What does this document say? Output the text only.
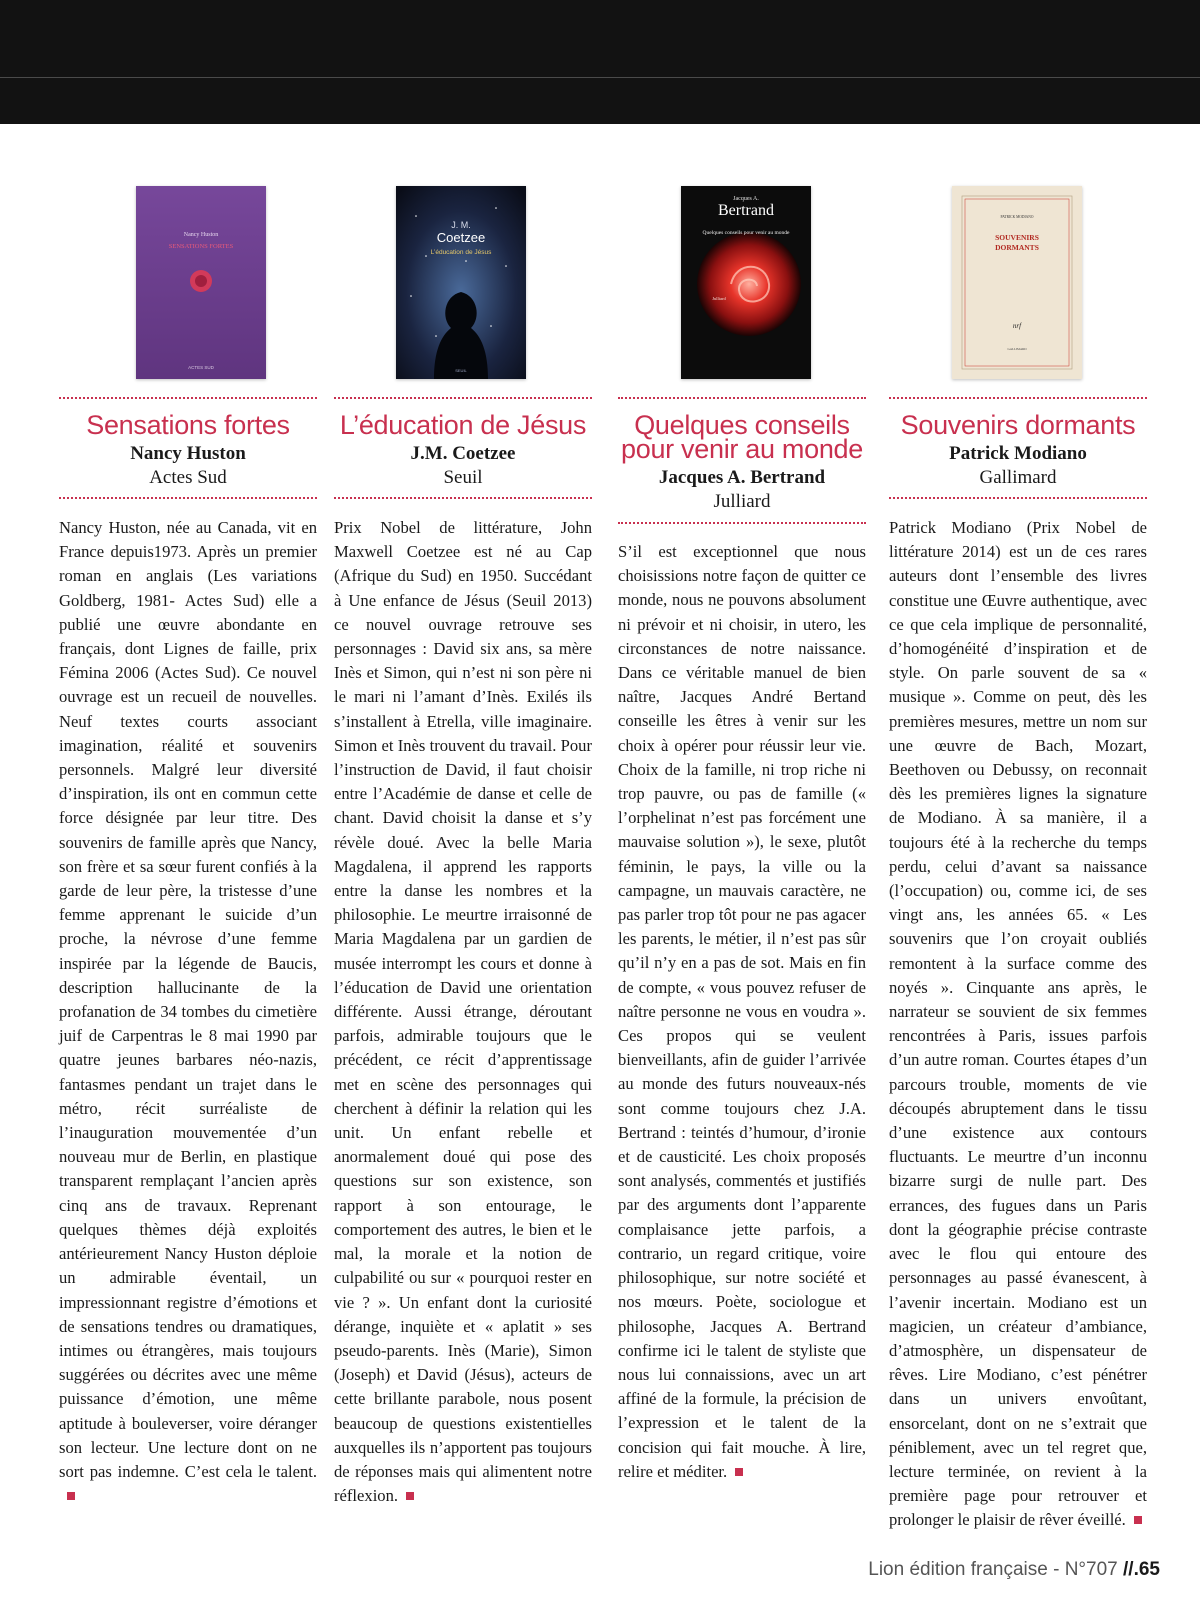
Nancy Huston
SENSATIONS FORTES
ACTES SUD
Sensations fortes
Nancy Huston
Actes Sud

Nancy Huston, née au Canada, vit en France depuis1973. Après un premier roman en anglais (Les variations Goldberg, 1981- Actes Sud) elle a publié une œuvre abondante en français, dont Lignes de faille, prix Fémina 2006 (Actes Sud). Ce nouvel ouvrage est un recueil de nouvelles. Neuf textes courts associant imagination, réalité et souvenirs personnels. Malgré leur diversité d’inspiration, ils ont en commun cette force désignée par leur titre. Des souvenirs de famille après que Nancy, son frère et sa sœur furent confiés à la garde de leur père, la tristesse d’une femme apprenant le suicide d’un proche, la névrose d’une femme inspirée par la légende de Baucis, description hallucinante de la profanation de 34 tombes du cimetière juif de Carpentras le 8 mai 1990 par quatre jeunes barbares néo-nazis, fantasmes pendant un trajet dans le métro, récit surréaliste de l’inauguration mouvementée d’un nouveau mur de Berlin, en plastique transparent remplaçant l’ancien après cinq ans de travaux. Reprenant quelques thèmes déjà exploités antérieurement Nancy Huston déploie un admirable éventail, un impressionnant registre d’émotions et de sensations tendres ou dramatiques, intimes ou étrangères, mais toujours suggérées ou décrites avec une même puissance d’émotion, une même aptitude à bouleverser, voire déranger son lecteur. Une lecture dont on ne sort pas indemne. C’est cela le talent.

J. M.
Coetzee
L’éducation de Jésus
SEUIL
L’éducation de Jésus
J.M. Coetzee
Seuil

Prix Nobel de littérature, John Maxwell Coetzee est né au Cap (Afrique du Sud) en 1950. Succédant à Une enfance de Jésus (Seuil 2013) ce nouvel ouvrage retrouve ses personnages : David six ans, sa mère Inès et Simon, qui n’est ni son père ni le mari ni l’amant d’Inès. Exilés ils s’installent à Etrella, ville imaginaire. Simon et Inès trouvent du travail. Pour l’instruction de David, il faut choisir entre l’Académie de danse et celle de chant. David choisit la danse et s’y révèle doué. Avec la belle Maria Magdalena, il apprend les rapports entre la danse les nombres et la philosophie. Le meurtre irraisonné de Maria Magdalena par un gardien de musée interrompt les cours et donne à l’éducation de David une orientation différente. Aussi étrange, déroutant parfois, admirable toujours que le précédent, ce récit d’apprentissage met en scène des personnages qui cherchent à définir la relation qui les unit. Un enfant rebelle et anormalement doué qui pose des questions sur son existence, son rapport à son entourage, le comportement des autres, le bien et le mal, la morale et la notion de culpabilité ou sur « pourquoi rester en vie ? ». Un enfant dont la curiosité dérange, inquiète et « aplatit » ses pseudo-parents. Inès (Marie), Simon (Joseph) et David (Jésus), acteurs de cette brillante parabole, nous posent beaucoup de questions existentielles auxquelles ils n’apportent pas toujours de réponses mais qui alimentent notre réflexion.

Jacques A.
Bertrand
Quelques conseils pour venir au monde
Julliard
Quelques conseils
pour venir au monde
Jacques A. Bertrand
Julliard

S’il est exceptionnel que nous choisissions notre façon de quitter ce monde, nous ne pouvons absolument ni prévoir et ni choisir, in utero, les circonstances de notre naissance. Dans ce véritable manuel de bien naître, Jacques André Bertand conseille les êtres à venir sur les choix à opérer pour réussir leur vie. Choix de la famille, ni trop riche ni trop pauvre, ou pas de famille (« l’orphelinat n’est pas forcément une mauvaise solution »), le sexe, plutôt féminin, le pays, la ville ou la campagne, un mauvais caractère, ne pas parler trop tôt pour ne pas agacer les parents, le métier, il n’est pas sûr qu’il n’y en a pas de sot. Mais en fin de compte, « vous pouvez refuser de naître personne ne vous en voudra ». Ces propos qui se veulent bienveillants, afin de guider l’arrivée au monde des futurs nouveaux-nés sont comme toujours chez J.A. Bertrand : teintés d’humour, d’ironie et de causticité. Les choix proposés sont analysés, commentés et justifiés par des arguments dont l’apparente complaisance jette parfois, a contrario, un regard critique, voire philosophique, sur notre société et nos mœurs. Poète, sociologue et philosophe, Jacques A. Bertrand confirme ici le talent de styliste que nous lui connaissions, avec un art affiné de la formule, la précision de l’expression et le talent de la concision qui fait mouche. À lire, relire et méditer.

PATRICK MODIANO
SOUVENIRS
DORMANTS
nrf
GALLIMARD
Souvenirs dormants
Patrick Modiano
Gallimard

Patrick Modiano (Prix Nobel de littérature 2014) est un de ces rares auteurs dont l’ensemble des livres constitue une Œuvre authentique, avec ce que cela implique de personnalité, d’homogénéité d’inspiration et de style. On parle souvent de sa « musique ». Comme on peut, dès les premières mesures, mettre un nom sur une œuvre de Bach, Mozart, Beethoven ou Debussy, on reconnait dès les premières lignes la signature de Modiano. À sa manière, il a toujours été à la recherche du temps perdu, celui d’avant sa naissance (l’occupation) ou, comme ici, de ses vingt ans, les années 65. « Les souvenirs que l’on croyait oubliés remontent à la surface comme des noyés ». Cinquante ans après, le narrateur se souvient de six femmes rencontrées à Paris, issues parfois d’un autre roman. Courtes étapes d’un parcours trouble, moments de vie découpés abruptement dans le tissu d’une existence aux contours fluctuants. Le meurtre d’un inconnu bizarre surgi de nulle part. Des errances, des fugues dans un Paris dont la géographie précise contraste avec le flou qui entoure des personnages au passé évanescent, à l’avenir incertain. Modiano est un magicien, un créateur d’ambiance, d’atmosphère, un dispensateur de rêves. Lire Modiano, c’est pénétrer dans un univers envoûtant, ensorcelant, dont on ne s’extrait que péniblement, avec un tel regret que, lecture terminée, on revient à la première page pour retrouver et prolonger le plaisir de rêver éveillé.

Lion édition française - N°707 //.65
